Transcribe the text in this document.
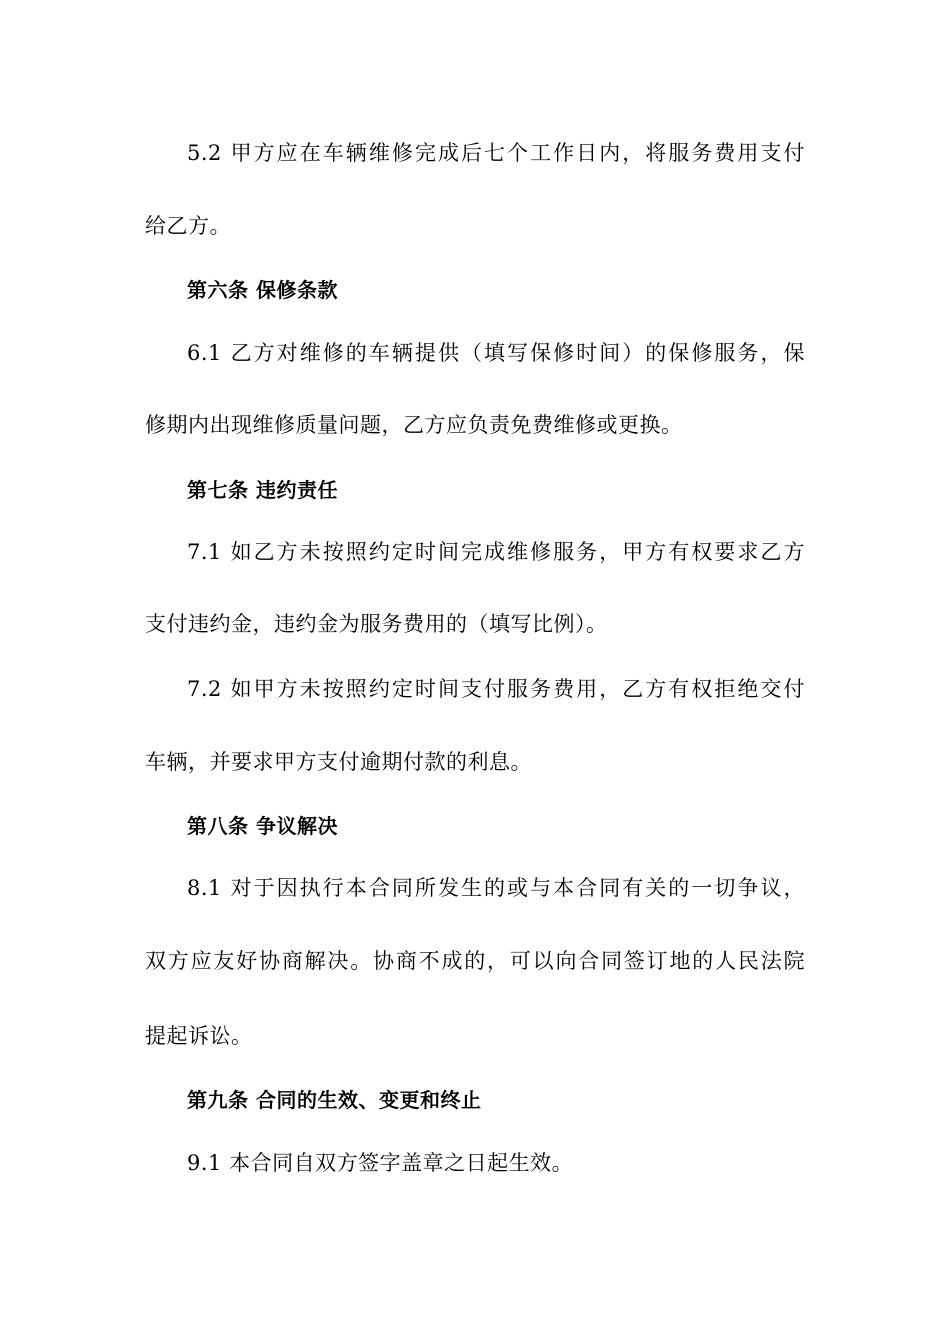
5.2 甲方应在车辆维修完成后七个工作日内，将服务费用支付
给乙方。
第六条 保修条款
6.1 乙方对维修的车辆提供（填写保修时间）的保修服务，保
修期内出现维修质量问题，乙方应负责免费维修或更换。
第七条 违约责任
7.1 如乙方未按照约定时间完成维修服务，甲方有权要求乙方
支付违约金，违约金为服务费用的（填写比例）。
7.2 如甲方未按照约定时间支付服务费用，乙方有权拒绝交付
车辆，并要求甲方支付逾期付款的利息。
第八条 争议解决
8.1 对于因执行本合同所发生的或与本合同有关的一切争议，
双方应友好协商解决。协商不成的，可以向合同签订地的人民法院
提起诉讼。
第九条 合同的生效、变更和终止
9.1 本合同自双方签字盖章之日起生效。
